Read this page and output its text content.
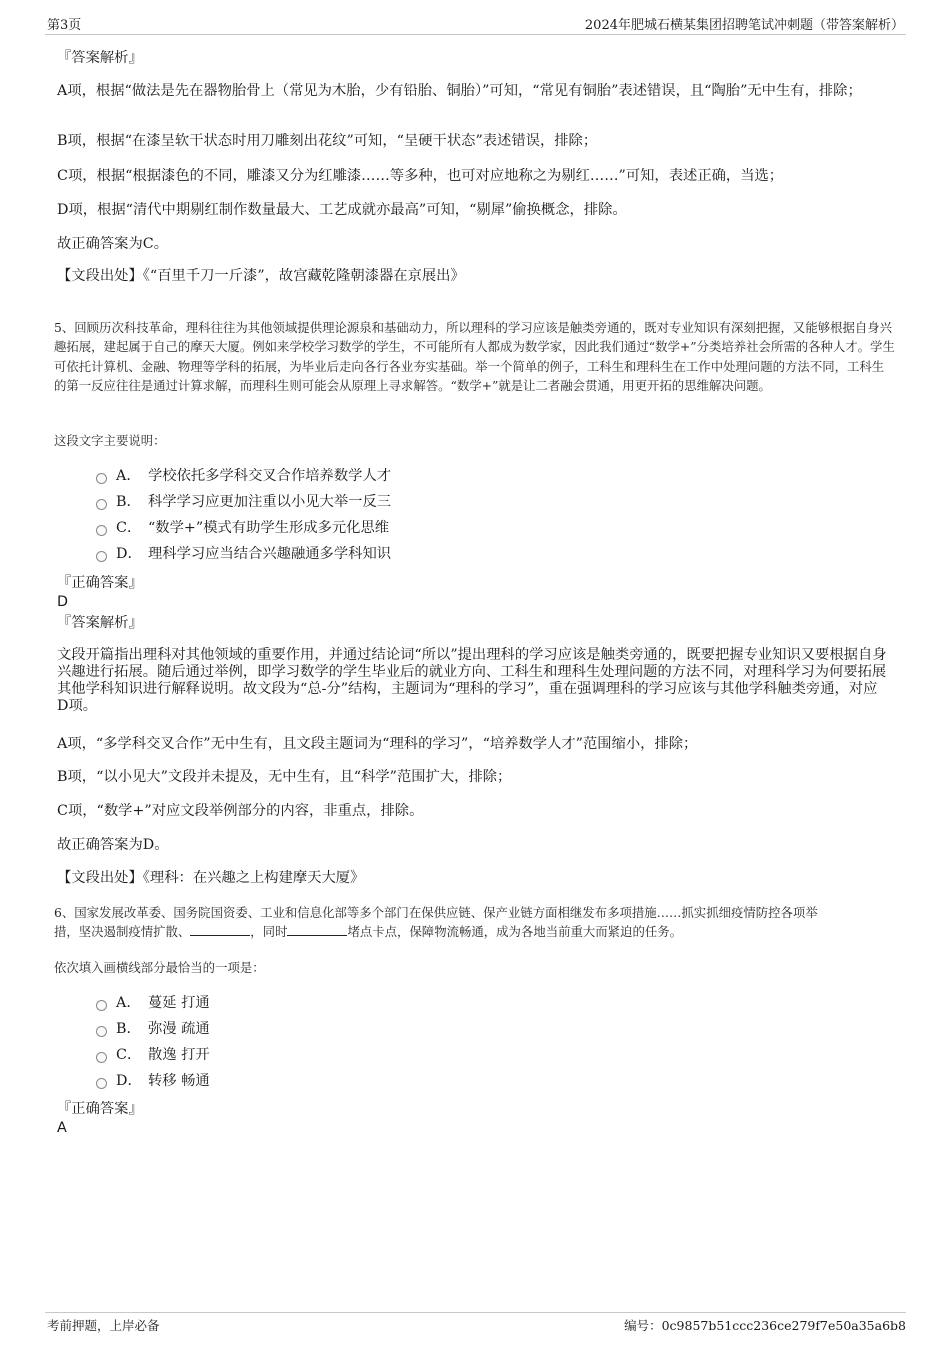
第3页	2024年肥城石横某集团招聘笔试冲刺题（带答案解析）

『答案解析』

A项，根据“做法是先在器物胎骨上（常见为木胎，少有铅胎、铜胎）”可知，“常见有铜胎”表述错误，且“陶胎”无中生有，排除；

B项，根据“在漆呈软干状态时用刀雕刻出花纹”可知，“呈硬干状态”表述错误，排除；

C项，根据“根据漆色的不同，雕漆又分为红雕漆……等多种，也可对应地称之为剔红……”可知，表述正确，当选；

D项，根据“清代中期剔红制作数量最大、工艺成就亦最高”可知，“剔犀”偷换概念，排除。

故正确答案为C。

【文段出处】《“百里千刀一斤漆”，故宫藏乾隆朝漆器在京展出》

5、回顾历次科技革命，理科往往为其他领域提供理论源泉和基础动力，所以理科的学习应该是触类旁通的，既对专业知识有深刻把握，又能够根据自身兴趣拓展，建起属于自己的摩天大厦。例如来学校学习数学的学生，不可能所有人都成为数学家，因此我们通过“数学+”分类培养社会所需的各种人才。学生可依托计算机、金融、物理等学科的拓展，为毕业后走向各行各业夯实基础。举一个简单的例子，工科生和理科生在工作中处理问题的方法不同，工科生的第一反应往往是通过计算求解，而理科生则可能会从原理上寻求解答。“数学+”就是让二者融会贯通，用更开拓的思维解决问题。

这段文字主要说明：

A． 学校依托多学科交叉合作培养数学人才
B． 科学学习应更加注重以小见大举一反三
C． “数学+”模式有助学生形成多元化思维
D． 理科学习应当结合兴趣融通多学科知识

『正确答案』

D

『答案解析』

文段开篇指出理科对其他领域的重要作用，并通过结论词“所以”提出理科的学习应该是触类旁通的，既要把握专业知识又要根据自身兴趣进行拓展。随后通过举例，即学习数学的学生毕业后的就业方向、工科生和理科生处理问题的方法不同，对理科学习为何要拓展其他学科知识进行解释说明。故文段为“总-分”结构，主题词为“理科的学习”，重在强调理科的学习应该与其他学科触类旁通，对应D项。

A项，“多学科交叉合作”无中生有，且文段主题词为“理科的学习”，“培养数学人才”范围缩小，排除；

B项，“以小见大”文段并未提及，无中生有，且“科学”范围扩大，排除；

C项，“数学+”对应文段举例部分的内容，非重点，排除。

故正确答案为D。

【文段出处】《理科：在兴趣之上构建摩天大厦》

6、国家发展改革委、国务院国资委、工业和信息化部等多个部门在保供应链、保产业链方面相继发布多项措施……抓实抓细疫情防控各项举
措，坚决遏制疫情扩散、	，同时	堵点卡点，保障物流畅通，成为各地当前重大而紧迫的任务。

依次填入画横线部分最恰当的一项是：

A． 蔓延 打通
B． 弥漫 疏通
C． 散逸 打开
D． 转移 畅通

『正确答案』

A

考前押题，上岸必备	编号：0c9857b51ccc236ce279f7e50a35a6b8
